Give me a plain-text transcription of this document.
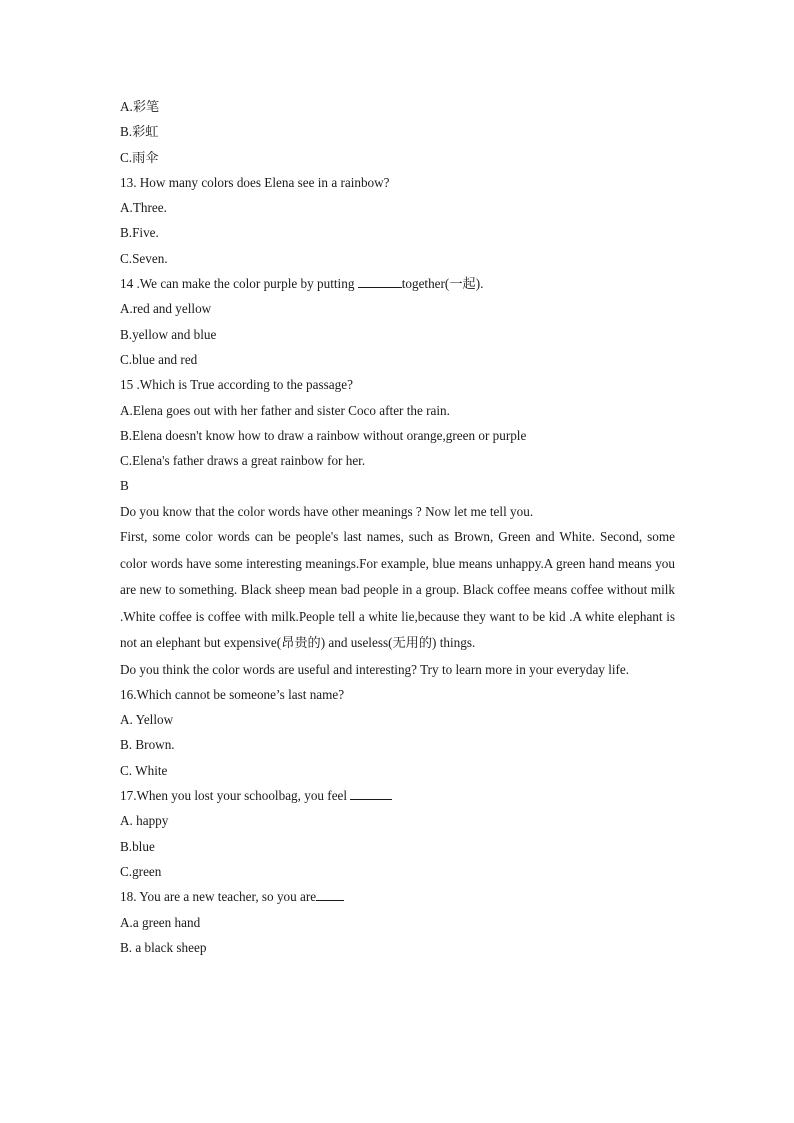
A.彩笔
B.彩虹
C.雨伞
13. How many colors does Elena see in a rainbow?
A.Three.
B.Five.
C.Seven.
14 .We can make the color purple by putting	together(一起).
A.red and yellow
B.yellow and blue
C.blue and red
15 .Which is True according to the passage?
A.Elena goes out with her father and sister Coco after the rain.
B.Elena doesn't know how to draw a rainbow without orange,green or purple
C.Elena's father draws a great rainbow for her.
B
Do you know that the color words have other meanings ? Now let me tell you.
First, some color words can be people's last names, such as Brown, Green and White. Second, some color words have some interesting meanings.For example, blue means unhappy.A green hand means you are new to something. Black sheep mean bad people in a group. Black coffee means coffee without milk .White coffee is coffee with milk.People tell a white lie,because they want to be kid .A white elephant is not an elephant but expensive(昂贵的) and useless(无用的) things.
Do you think the color words are useful and interesting? Try to learn more in your everyday life.
16.Which cannot be someone’s last name?
A. Yellow
B. Brown.
C. White
17.When you lost your schoolbag, you feel
A. happy
B.blue
C.green
18. You are a new teacher, so you are
A.a green hand
B. a black sheep
